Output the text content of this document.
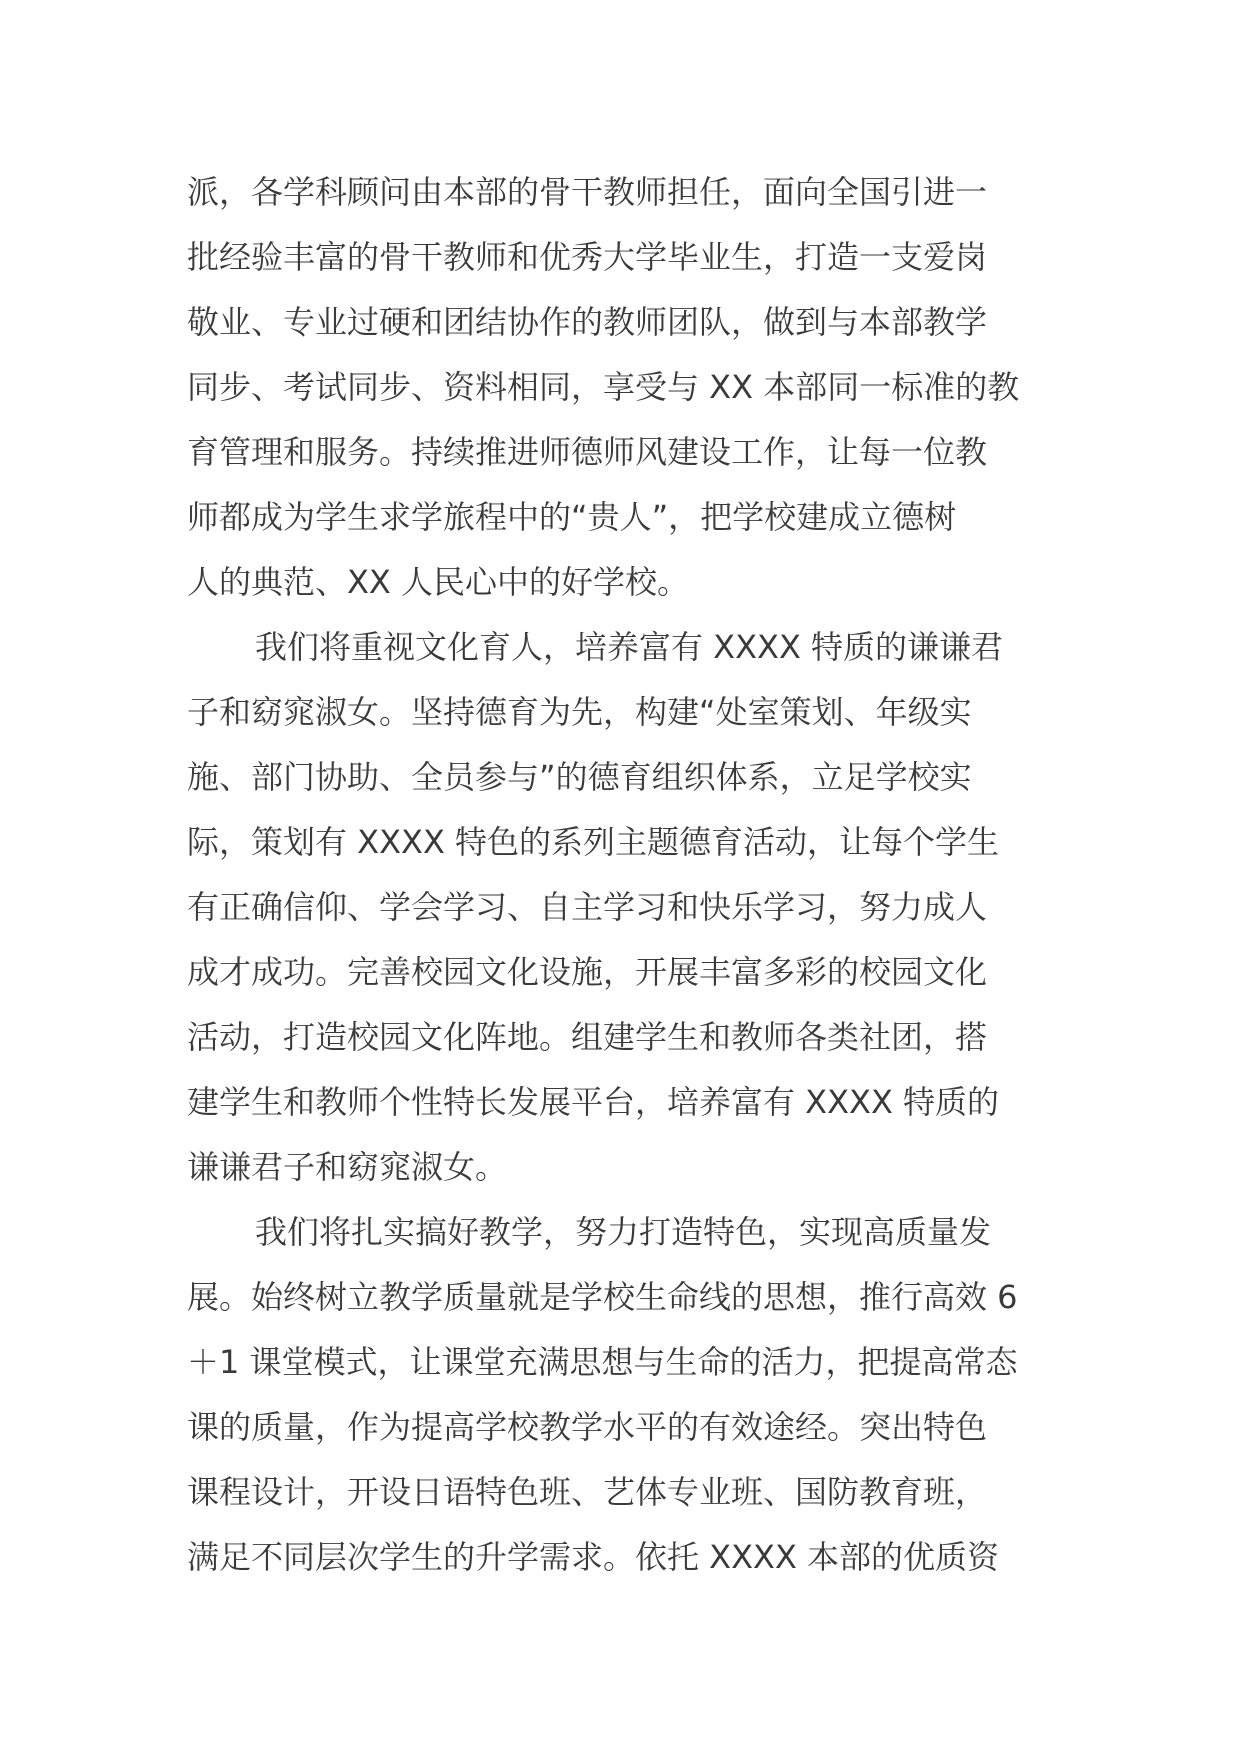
派，各学科顾问由本部的骨干教师担任，面向全国引进一
批经验丰富的骨干教师和优秀大学毕业生，打造一支爱岗
敬业、专业过硬和团结协作的教师团队，做到与本部教学
同步、考试同步、资料相同，享受与 XX 本部同一标准的教
育管理和服务。持续推进师德师风建设工作，让每一位教
师都成为学生求学旅程中的“贵人”，把学校建成立德树
人的典范、XX 人民心中的好学校。
我们将重视文化育人，培养富有 XXXX 特质的谦谦君
子和窈窕淑女。坚持德育为先，构建“处室策划、年级实
施、部门协助、全员参与”的德育组织体系，立足学校实
际，策划有 XXXX 特色的系列主题德育活动，让每个学生
有正确信仰、学会学习、自主学习和快乐学习，努力成人
成才成功。完善校园文化设施，开展丰富多彩的校园文化
活动，打造校园文化阵地。组建学生和教师各类社团，搭
建学生和教师个性特长发展平台，培养富有 XXXX 特质的
谦谦君子和窈窕淑女。
我们将扎实搞好教学，努力打造特色，实现高质量发
展。始终树立教学质量就是学校生命线的思想，推行高效 6
＋1 课堂模式，让课堂充满思想与生命的活力，把提高常态
课的质量，作为提高学校教学水平的有效途经。突出特色
课程设计，开设日语特色班、艺体专业班、国防教育班，
满足不同层次学生的升学需求。依托 XXXX 本部的优质资
